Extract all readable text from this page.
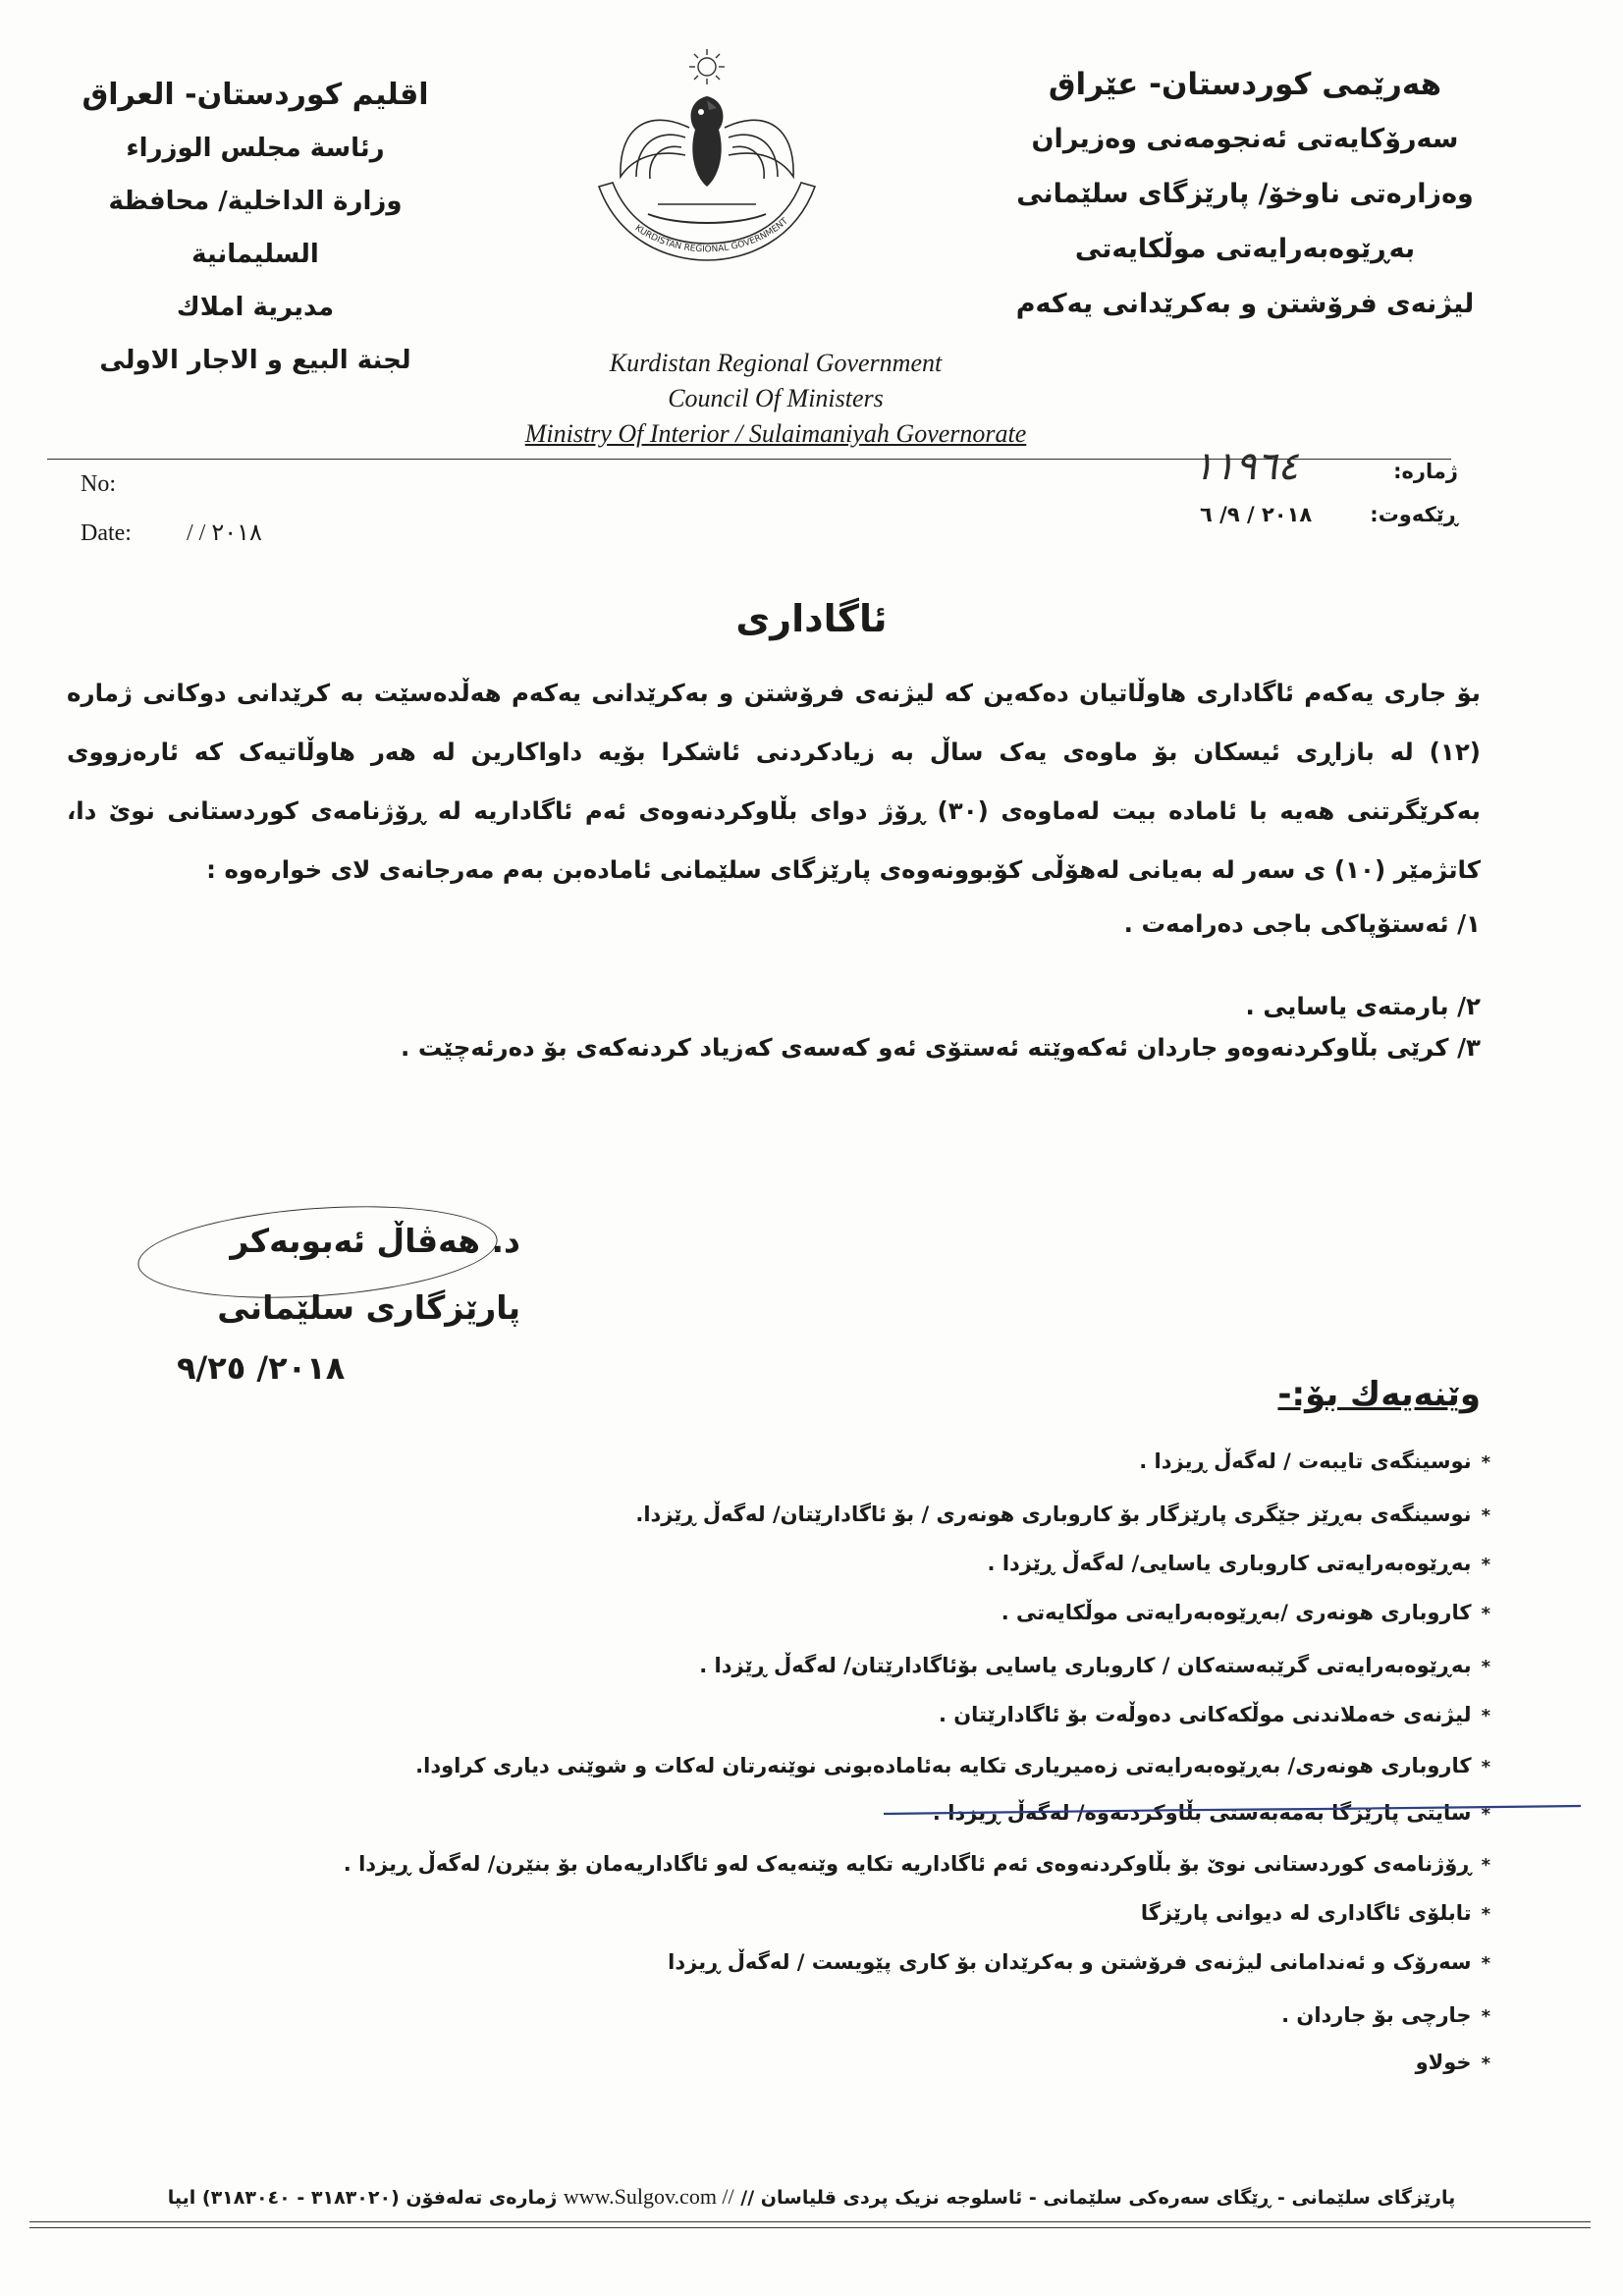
اقليم كوردستان- العراق
رئاسة مجلس الوزراء
وزارة الداخلية/ محافظة السليمانية
مديرية املاك
لجنة البيع و الاجار الاولى
KURDISTAN REGIONAL GOVERNMENT
هەرێمی کوردستان- عێراق
سەرۆکایەتی ئەنجومەنی وەزیران
وەزارەتی ناوخۆ/ پارێزگای سلێمانی
بەڕێوەبەرایەتی موڵکایەتی
لیژنەی فرۆشتن و بەکرێدانی یەکەم
Kurdistan Regional Government
Council Of Ministers
Ministry Of Interior / Sulaimaniyah Governorate
No:
Date: / / ٢٠١٨
ژمارە:
١١٩٦٤
ڕێکەوت:
٢٠١٨ / ٩/ ٦
ئاگاداری
بۆ جاری یەکەم ئاگاداری هاوڵاتیان دەکەین کە لیژنەی فرۆشتن و بەکرێدانی یەکەم هەڵدەسێت بە کرێدانی دوکانی ژمارە (١٢) لە بازاڕی ئیسکان بۆ ماوەی یەک ساڵ بە زیادکردنی ئاشکرا بۆیە داواکارین لە هەر هاوڵاتیەک کە ئارەزووی بەکرێگرتنی هەیە با ئامادە بیت لەماوەی (٣٠) ڕۆژ دوای بڵاوکردنەوەی ئەم ئاگاداریە لە ڕۆژنامەی کوردستانی نوێ دا، کاتژمێر (١٠) ی سەر لە بەیانی لەهۆڵی کۆبوونەوەی پارێزگای سلێمانی ئامادەبن بەم مەرجانەی لای خوارەوە :
١/ ئەستۆپاکی باجی دەرامەت .
٢/ بارمتەی یاسایی .
٣/ کرێی بڵاوکردنەوەو جاردان ئەکەوێتە ئەستۆی ئەو کەسەی کەزیاد کردنەکەی بۆ دەرئەچێت .
د. هەڤاڵ ئەبوبەکر
پارێزگاری سلێمانی
٢٠١٨/ ٩/٢٥
وێنەیەك بۆ:-
*نوسینگەی تایبەت / لەگەڵ ڕیزدا .
*نوسینگەی بەڕێز جێگری پارێزگار بۆ کاروباری هونەری / بۆ ئاگادارێتان/ لەگەڵ ڕێزدا.
*بەڕێوەبەرایەتی کاروباری یاسایی/ لەگەڵ ڕێزدا .
*کاروباری هونەری /بەڕێوەبەرایەتی موڵکایەتی .
*بەڕێوەبەرایەتی گرێبەستەکان / کاروباری یاسایی بۆئاگادارێتان/ لەگەڵ ڕێزدا .
*لیژنەی خەملاندنی موڵکەکانی دەوڵەت بۆ ئاگادارێتان .
*کاروباری هونەری/ بەڕێوەبەرایەتی زەمیریاری تکایە بەئامادەبونی نوێنەرتان لەکات و شوێنی دیاری کراودا.
*سایتی پارێزگا بەمەبەستی بڵاوکردنەوە/ لەگەڵ ڕیزدا .
*ڕۆژنامەی کوردستانی نوێ بۆ بڵاوکردنەوەی ئەم ئاگاداریە تکایە وێنەیەک لەو ئاگاداریەمان بۆ بنێرن/ لەگەڵ ڕیزدا .
*تابلۆی ئاگاداری لە دیوانی پارێزگا
*سەرۆک و ئەندامانی لیژنەی فرۆشتن و بەکرێدان بۆ کاری پێویست / لەگەڵ ڕیزدا
*جارچی بۆ جاردان .
*خولاو
پارێزگای سلێمانی - ڕێگای سەرەکی سلێمانی - ئاسلوجە نزیک پردی قلیاسان // www.Sulgov.com // ژمارەی تەلەفۆن (٣١٨٣٠٢٠ - ٣١٨٣٠٤٠) ایپا
